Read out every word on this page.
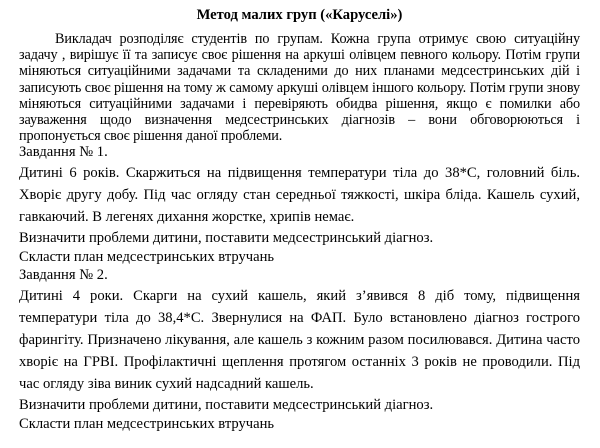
Метод малих груп («Каруселі»)

Викладач розподіляє студентів по групам. Кожна група отримує свою ситуаційну задачу , вирішує її та записує своє рішення на аркуші олівцем певного кольору. Потім групи міняються ситуаційними задачами та складеними до них планами медсестринських дій і записують своє рішення на тому ж самому аркуші олівцем іншого кольору. Потім групи знову міняються ситуаційними задачами і перевіряють обидва рішення, якщо є помилки або зауваження щодо визначення медсестринських діагнозів – вони обговорюються і пропонується своє рішення даної проблеми.

Завдання № 1.

Дитині 6 років. Скаржиться на підвищення температури тіла до 38*С, головний біль. Хворіє другу добу. Під час огляду стан середньої тяжкості, шкіра бліда. Кашель сухий, гавкаючий. В легенях дихання жорстке, хрипів немає.

Визначити проблеми дитини, поставити медсестринський діагноз.

Скласти план медсестринських втручань

Завдання № 2.

Дитині 4 роки. Скарги на сухий кашель, який з’явився 8 діб тому, підвищення температури тіла до 38,4*С. Звернулися на ФАП. Було встановлено діагноз гострого фарингіту. Призначено лікування, але кашель з кожним разом посилювався. Дитина часто хворіє на ГРВІ. Профілактичні щеплення протягом останніх 3 років не проводили. Під час огляду зіва виник сухий надсадний кашель.

Визначити проблеми дитини, поставити медсестринський діагноз.

Скласти план медсестринських втручань
